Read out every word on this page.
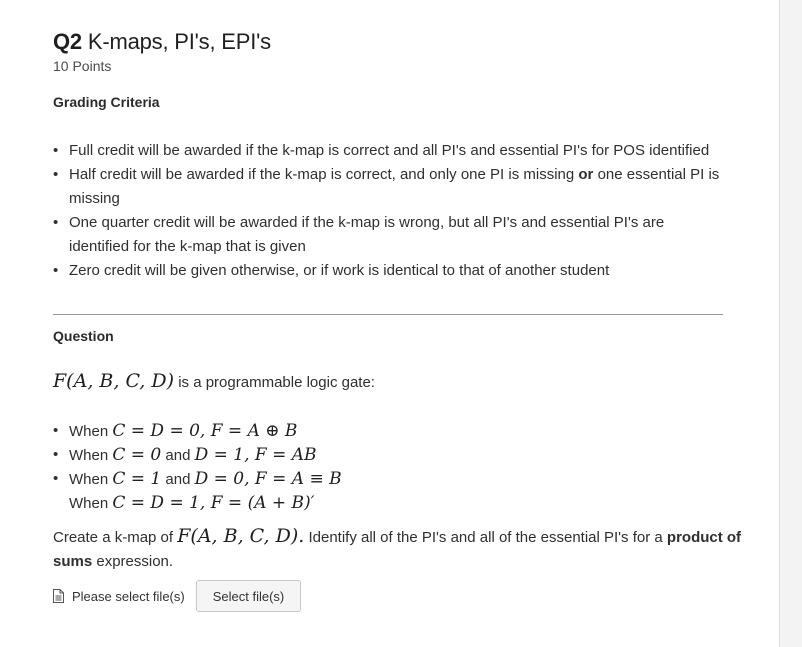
Q2 K-maps, PI's, EPI's
10 Points
Grading Criteria
• Full credit will be awarded if the k-map is correct and all PI's and essential PI's for POS identified
• Half credit will be awarded if the k-map is correct, and only one PI is missing or one essential PI is missing
• One quarter credit will be awarded if the k-map is wrong, but all PI's and essential PI's are identified for the k-map that is given
• Zero credit will be given otherwise, or if work is identical to that of another student
Question
F(A, B, C, D) is a programmable logic gate:
• When C = D = 0, F = A ⊕ B
• When C = 0 and D = 1, F = AB
• When C = 1 and D = 0, F = A ≡ B
When C = D = 1, F = (A + B)′
Create a k-map of F(A, B, C, D). Identify all of the PI's and all of the essential PI's for a product of sums expression.
Please select file(s)	Select file(s)
